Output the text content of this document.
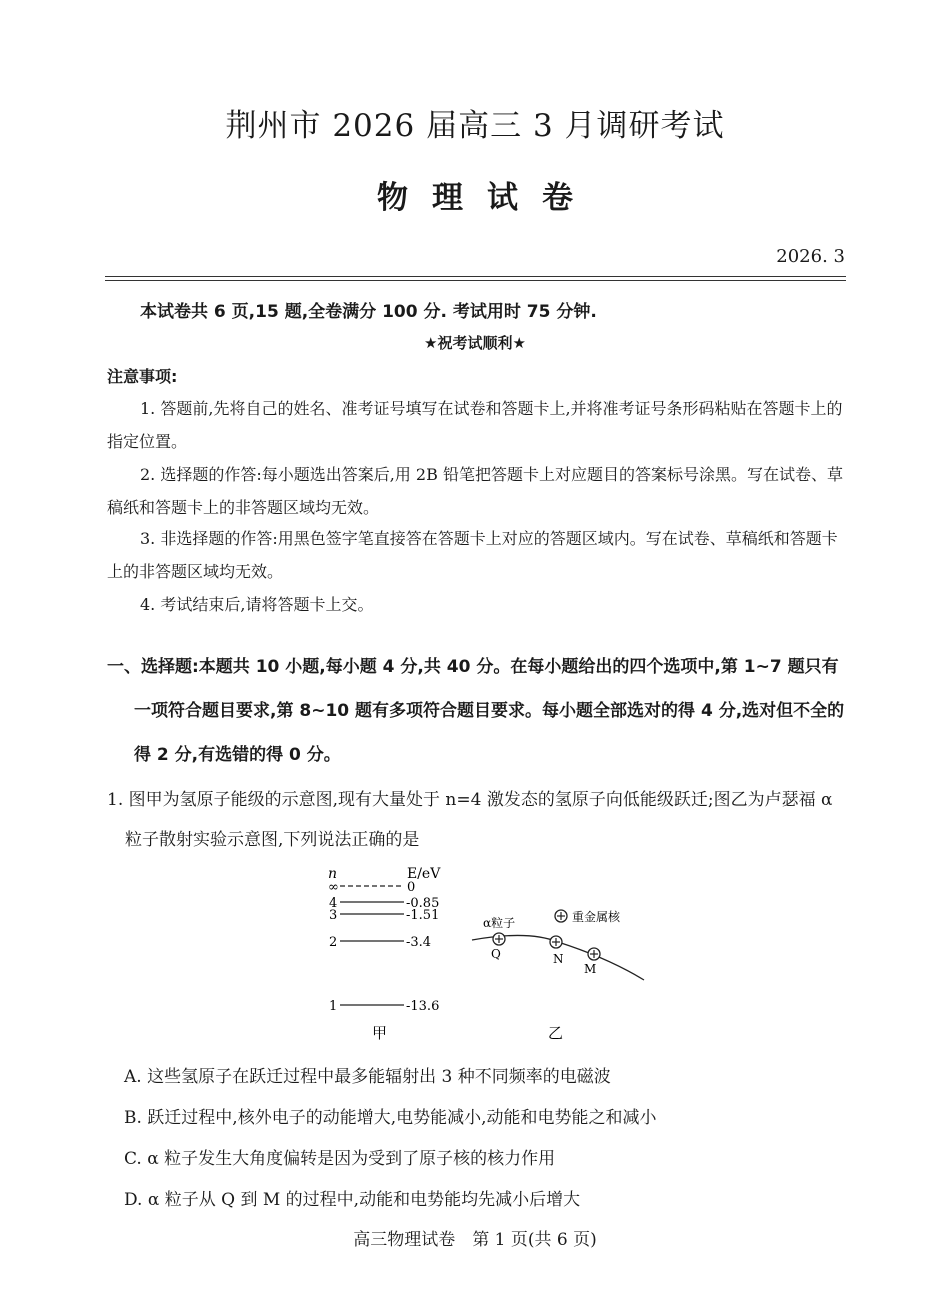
荆州市 2026 届高三 3 月调研考试
物 理 试 卷
2026. 3
本试卷共 6 页,15 题,全卷满分 100 分. 考试用时 75 分钟.
★祝考试顺利★
注意事项:
1. 答题前,先将自己的姓名、准考证号填写在试卷和答题卡上,并将准考证号条形码粘贴在答题卡上的指定位置。
2. 选择题的作答:每小题选出答案后,用 2B 铅笔把答题卡上对应题目的答案标号涂黑。写在试卷、草稿纸和答题卡上的非答题区域均无效。
3. 非选择题的作答:用黑色签字笔直接答在答题卡上对应的答题区域内。写在试卷、草稿纸和答题卡上的非答题区域均无效。
4. 考试结束后,请将答题卡上交。
一、选择题:本题共 10 小题,每小题 4 分,共 40 分。在每小题给出的四个选项中,第 1~7 题只有一项符合题目要求,第 8~10 题有多项符合题目要求。每小题全部选对的得 4 分,选对但不全的得 2 分,有选错的得 0 分。
1. 图甲为氢原子能级的示意图,现有大量处于 n=4 激发态的氢原子向低能级跃迁;图乙为卢瑟福 α 粒子散射实验示意图,下列说法正确的是
n	E/eV
∞	0
4	-0.85
3	-1.51
2	-3.4
1	-13.6
甲
α粒子	重金属核
Q	N
M
乙
A. 这些氢原子在跃迁过程中最多能辐射出 3 种不同频率的电磁波
B. 跃迁过程中,核外电子的动能增大,电势能减小,动能和电势能之和减小
C. α 粒子发生大角度偏转是因为受到了原子核的核力作用
D. α 粒子从 Q 到 M 的过程中,动能和电势能均先减小后增大
高三物理试卷　第 1 页(共 6 页)
